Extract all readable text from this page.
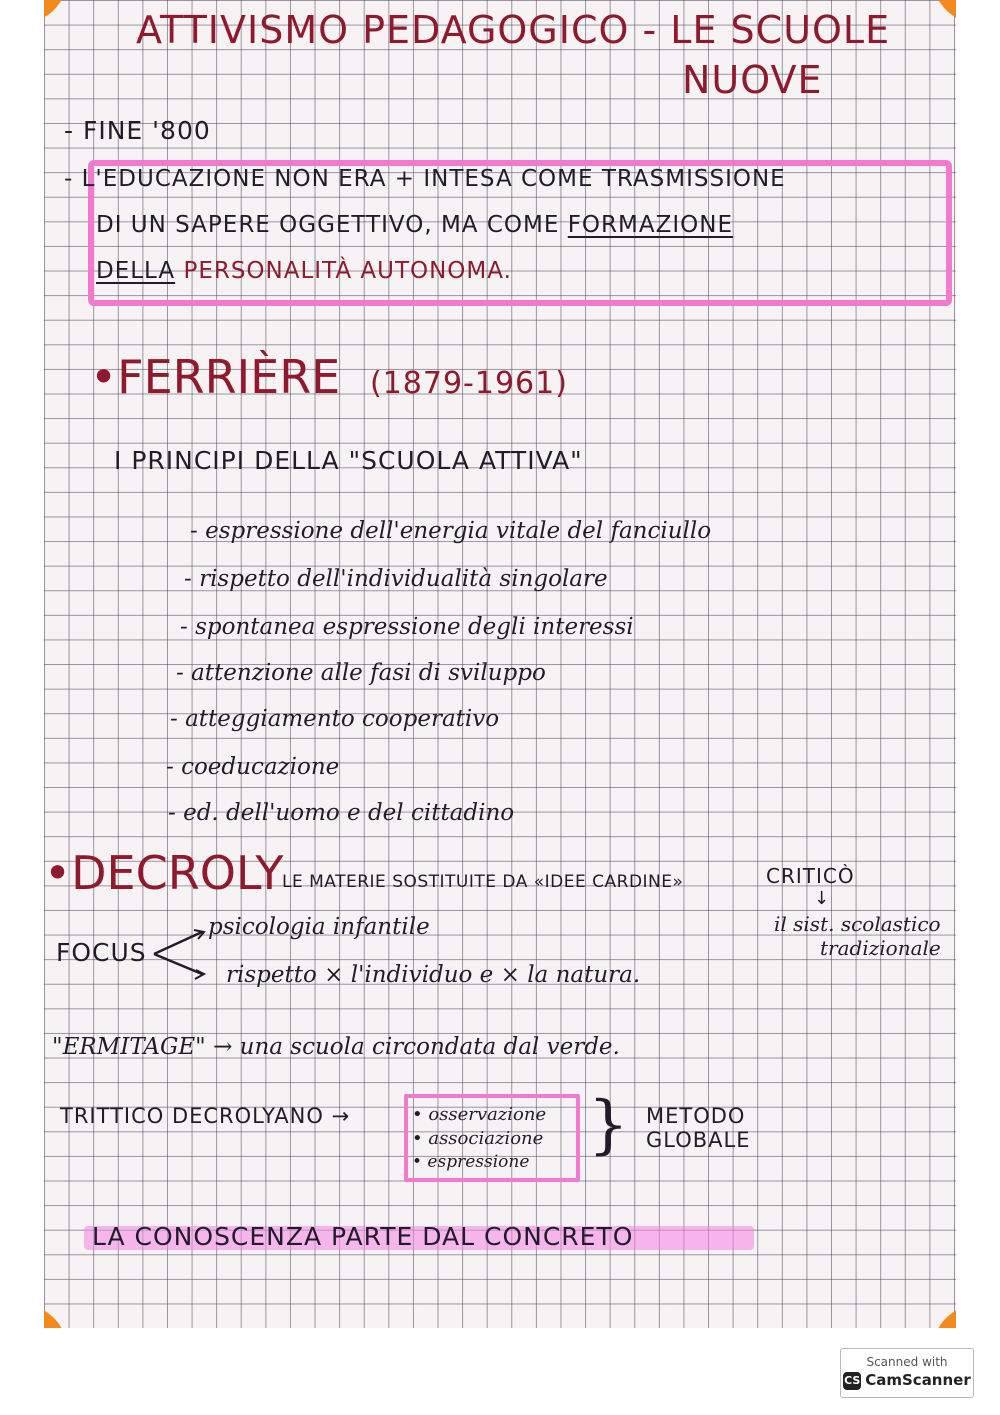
ATTIVISMO PEDAGOGICO - LE SCUOLE
NUOVE
- FINE '800
- L'EDUCAZIONE NON ERA + INTESA COME TRASMISSIONE
DI UN SAPERE OGGETTIVO, MA COME FORMAZIONE
DELLA PERSONALITÀ AUTONOMA.
•FERRIÈRE (1879-1961)
I PRINCIPI DELLA "SCUOLA ATTIVA"
- espressione dell'energia vitale del fanciullo
- rispetto dell'individualità singolare
- spontanea espressione degli interessi
- attenzione alle fasi di sviluppo
- atteggiamento cooperativo
- coeducazione
- ed. dell'uomo e del cittadino
•DECROLY
LE MATERIE SOSTITUITE DA «IDEE CARDINE»	CRITICÒ
↓
il sist. scolastico
tradizionale
FOCUS
psicologia infantile
rispetto × l'individuo e × la natura.
"ERMITAGE" → una scuola circondata dal verde.
TRITTICO DECROLYANO →	• osservazione
• associazione
• espressione } METODO
GLOBALE
LA CONOSCENZA PARTE DAL CONCRETO
Scanned with
CS CamScanner
